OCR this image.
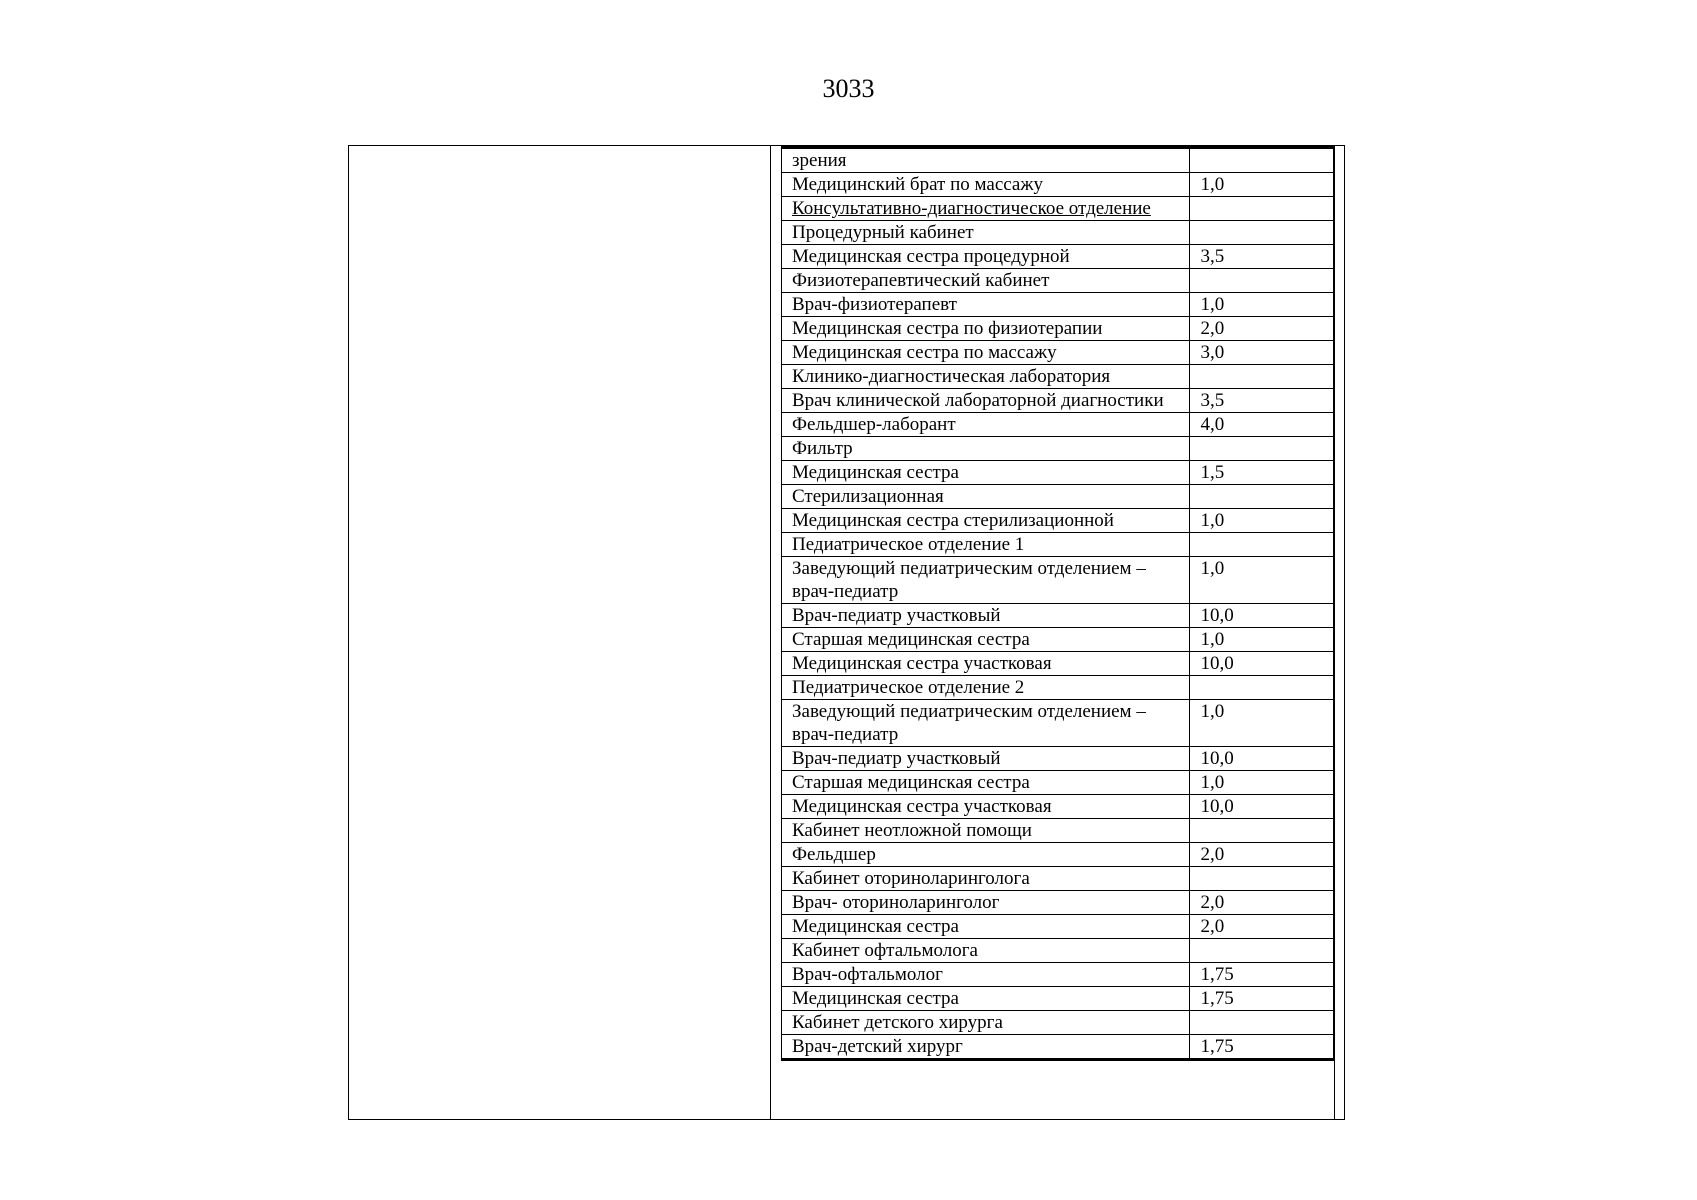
3033
зрения	
Медицинский брат по массажу	1,0
Консультативно-диагностическое отделение	
Процедурный кабинет	
Медицинская сестра процедурной	3,5
Физиотерапевтический кабинет	
Врач-физиотерапевт	1,0
Медицинская сестра по физиотерапии	2,0
Медицинская сестра по массажу	3,0
Клинико-диагностическая лаборатория	
Врач клинической лабораторной диагностики	3,5
Фельдшер-лаборант	4,0
Фильтр	
Медицинская сестра	1,5
Стерилизационная	
Медицинская сестра стерилизационной	1,0
Педиатрическое отделение 1	
Заведующий педиатрическим отделением – врач-педиатр	1,0
Врач-педиатр участковый	10,0
Старшая медицинская сестра	1,0
Медицинская сестра участковая	10,0
Педиатрическое отделение 2	
Заведующий педиатрическим отделением – врач-педиатр	1,0
Врач-педиатр участковый	10,0
Старшая медицинская сестра	1,0
Медицинская сестра участковая	10,0
Кабинет неотложной помощи	
Фельдшер	2,0
Кабинет оториноларинголога	
Врач- оториноларинголог	2,0
Медицинская сестра	2,0
Кабинет офтальмолога	
Врач-офтальмолог	1,75
Медицинская сестра	1,75
Кабинет детского хирурга	
Врач-детский хирург	1,75
